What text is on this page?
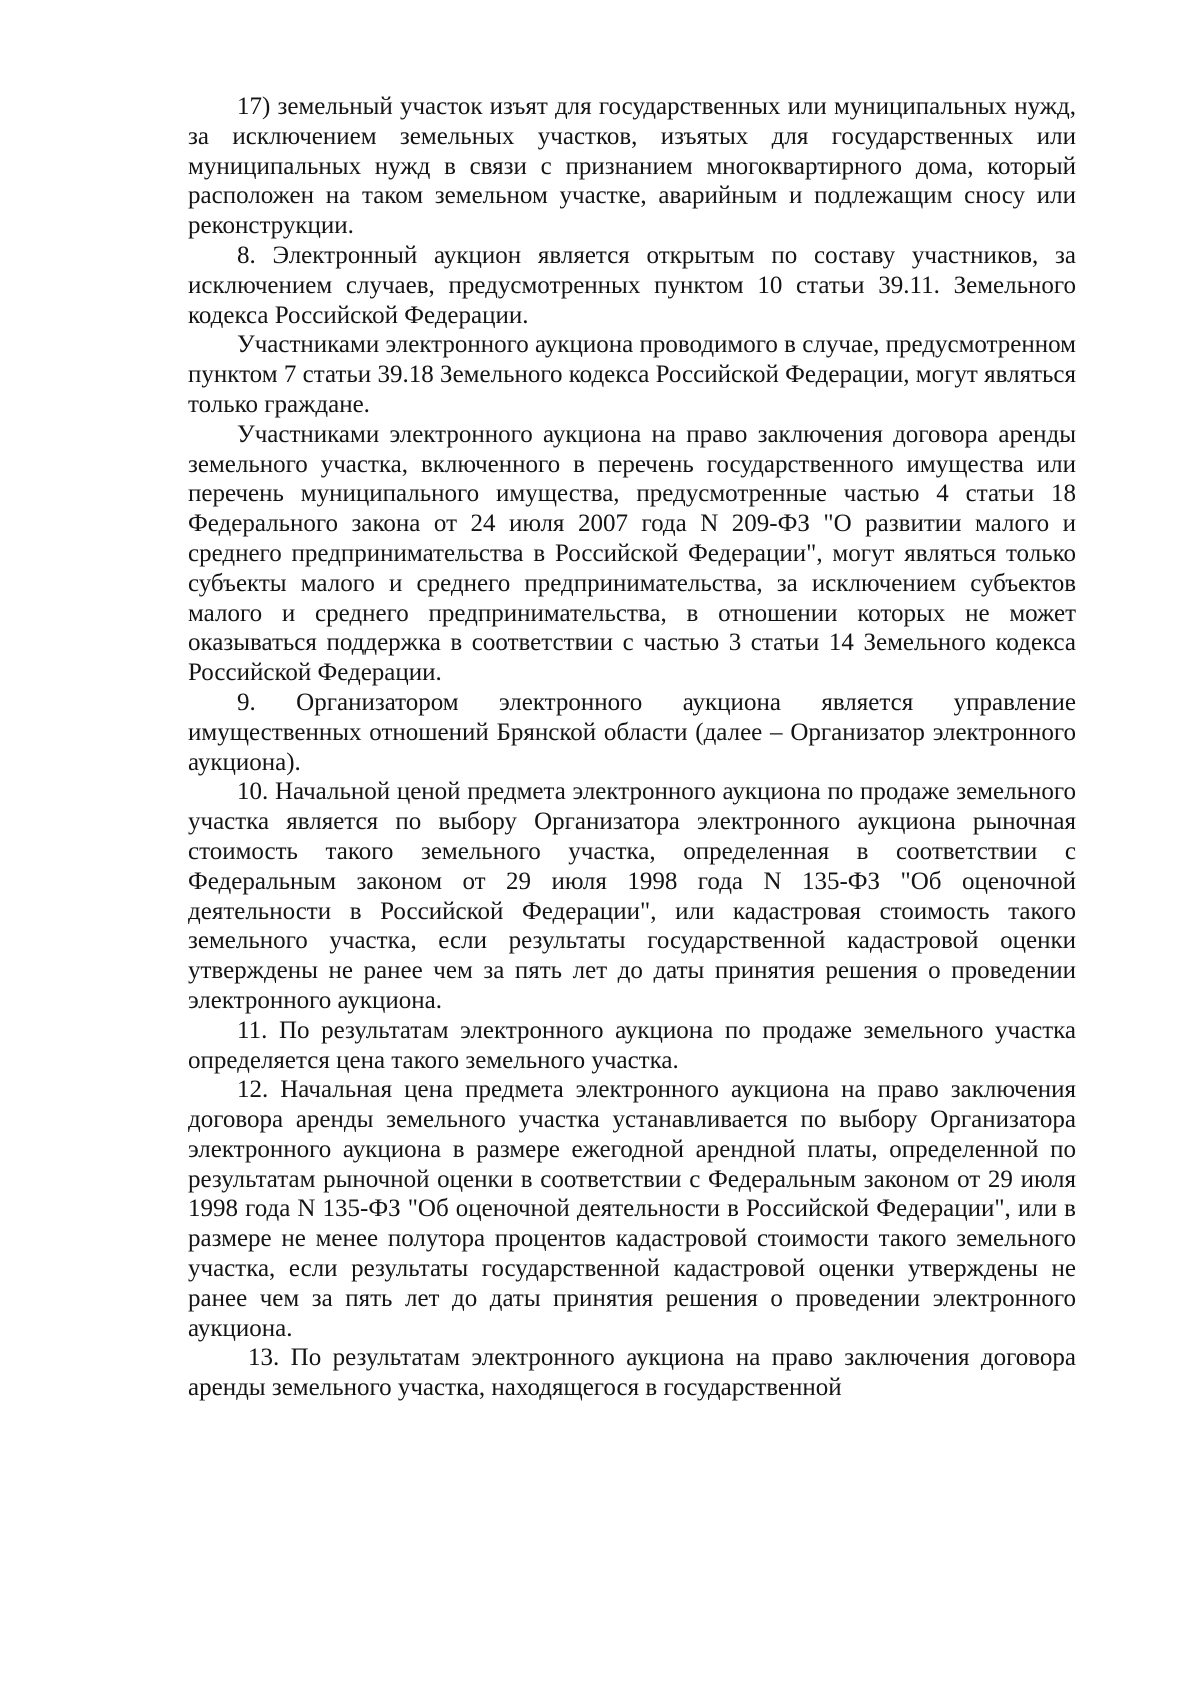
17) земельный участок изъят для государственных или муниципальных нужд, за исключением земельных участков, изъятых для государственных или муниципальных нужд в связи с признанием многоквартирного дома, который расположен на таком земельном участке, аварийным и подлежащим сносу или реконструкции.

8. Электронный аукцион является открытым по составу участников, за исключением случаев, предусмотренных пунктом 10 статьи 39.11. Земельного кодекса Российской Федерации.

Участниками электронного аукциона проводимого в случае, предусмотренном пунктом 7 статьи 39.18 Земельного кодекса Российской Федерации, могут являться только граждане.

Участниками электронного аукциона на право заключения договора аренды земельного участка, включенного в перечень государственного имущества или перечень муниципального имущества, предусмотренные частью 4 статьи 18 Федерального закона от 24 июля 2007 года N 209-ФЗ "О развитии малого и среднего предпринимательства в Российской Федерации", могут являться только субъекты малого и среднего предпринимательства, за исключением субъектов малого и среднего предпринимательства, в отношении которых не может оказываться поддержка в соответствии с частью 3 статьи 14 Земельного кодекса Российской Федерации.

9. Организатором электронного аукциона является управление имущественных отношений Брянской области (далее – Организатор электронного аукциона).

10. Начальной ценой предмета электронного аукциона по продаже земельного участка является по выбору Организатора электронного аукциона рыночная стоимость такого земельного участка, определенная в соответствии с Федеральным законом от 29 июля 1998 года N 135-ФЗ "Об оценочной деятельности в Российской Федерации", или кадастровая стоимость такого земельного участка, если результаты государственной кадастровой оценки утверждены не ранее чем за пять лет до даты принятия решения о проведении электронного аукциона.

11. По результатам электронного аукциона по продаже земельного участка определяется цена такого земельного участка.

12. Начальная цена предмета электронного аукциона на право заключения договора аренды земельного участка устанавливается по выбору Организатора электронного аукциона в размере ежегодной арендной платы, определенной по результатам рыночной оценки в соответствии с Федеральным законом от 29 июля 1998 года N 135-ФЗ "Об оценочной деятельности в Российской Федерации", или в размере не менее полутора процентов кадастровой стоимости такого земельного участка, если результаты государственной кадастровой оценки утверждены не ранее чем за пять лет до даты принятия решения о проведении электронного аукциона.

13. По результатам электронного аукциона на право заключения договора аренды земельного участка, находящегося в государственной
